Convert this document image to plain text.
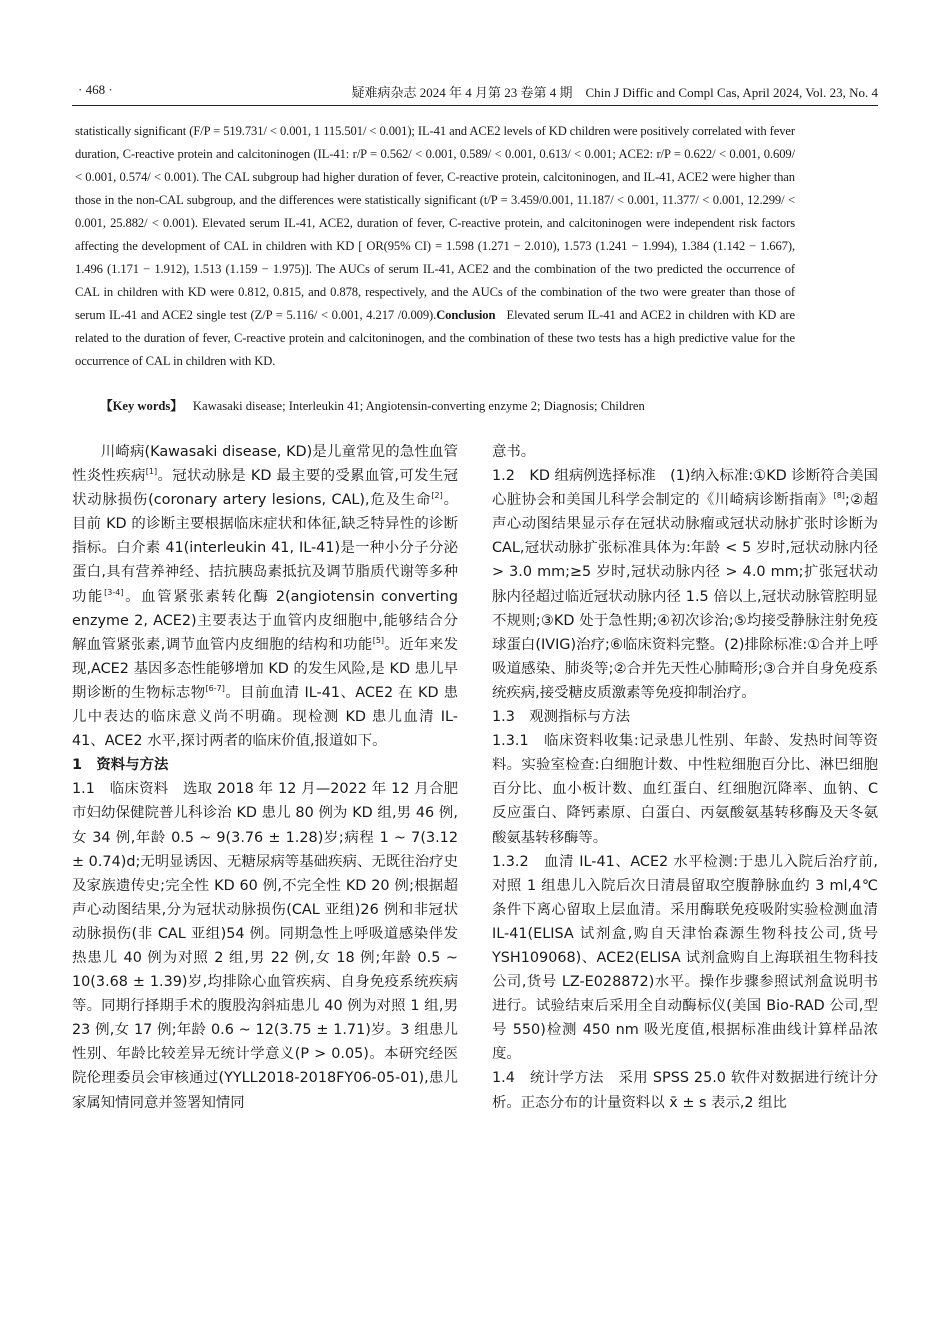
· 468 ·	疑难病杂志 2024 年 4 月第 23 卷第 4 期　Chin J Diffic and Compl Cas, April 2024, Vol. 23, No. 4
statistically significant (F/P = 519.731/ < 0.001, 1 115.501/ < 0.001); IL-41 and ACE2 levels of KD children were positively correlated with fever duration, C-reactive protein and calcitoninogen (IL-41: r/P = 0.562/ < 0.001, 0.589/ < 0.001, 0.613/ < 0.001; ACE2: r/P = 0.622/ < 0.001, 0.609/ < 0.001, 0.574/ < 0.001). The CAL subgroup had higher duration of fever, C-reactive protein, calcitoninogen, and IL-41, ACE2 were higher than those in the non-CAL subgroup, and the differences were statistically significant (t/P = 3.459/0.001, 11.187/ < 0.001, 11.377/ < 0.001, 12.299/ < 0.001, 25.882/ < 0.001). Elevated serum IL-41, ACE2, duration of fever, C-reactive protein, and calcitoninogen were independent risk factors affecting the development of CAL in children with KD [ OR(95% CI) = 1.598 (1.271 − 2.010), 1.573 (1.241 − 1.994), 1.384 (1.142 − 1.667), 1.496 (1.171 − 1.912), 1.513 (1.159 − 1.975)]. The AUCs of serum IL-41, ACE2 and the combination of the two predicted the occurrence of CAL in children with KD were 0.812, 0.815, and 0.878, respectively, and the AUCs of the combination of the two were greater than those of serum IL-41 and ACE2 single test (Z/P = 5.116/ < 0.001, 4.217 /0.009).Conclusion Elevated serum IL-41 and ACE2 in children with KD are related to the duration of fever, C-reactive protein and calcitoninogen, and the combination of these two tests has a high predictive value for the occurrence of CAL in children with KD.
【Key words】 Kawasaki disease; Interleukin 41; Angiotensin-converting enzyme 2; Diagnosis; Children

川崎病(Kawasaki disease, KD)是儿童常见的急性血管性炎性疾病[1]。冠状动脉是 KD 最主要的受累血管,可发生冠状动脉损伤(coronary artery lesions, CAL),危及生命[2]。目前 KD 的诊断主要根据临床症状和体征,缺乏特异性的诊断指标。白介素 41(interleukin 41, IL-41)是一种小分子分泌蛋白,具有营养神经、拮抗胰岛素抵抗及调节脂质代谢等多种功能[3-4]。血管紧张素转化酶 2(angiotensin converting enzyme 2, ACE2)主要表达于血管内皮细胞中,能够结合分解血管紧张素,调节血管内皮细胞的结构和功能[5]。近年来发现,ACE2 基因多态性能够增加 KD 的发生风险,是 KD 患儿早期诊断的生物标志物[6-7]。目前血清 IL-41、ACE2 在 KD 患儿中表达的临床意义尚不明确。现检测 KD 患儿血清 IL-41、ACE2 水平,探讨两者的临床价值,报道如下。

1　资料与方法

1.1　临床资料　选取 2018 年 12 月—2022 年 12 月合肥市妇幼保健院普儿科诊治 KD 患儿 80 例为 KD 组,男 46 例,女 34 例,年龄 0.5 ~ 9(3.76 ± 1.28)岁;病程 1 ~ 7(3.12 ± 0.74)d;无明显诱因、无糖尿病等基础疾病、无既往治疗史及家族遗传史;完全性 KD 60 例,不完全性 KD 20 例;根据超声心动图结果,分为冠状动脉损伤(CAL 亚组)26 例和非冠状动脉损伤(非 CAL 亚组)54 例。同期急性上呼吸道感染伴发热患儿 40 例为对照 2 组,男 22 例,女 18 例;年龄 0.5 ~ 10(3.68 ± 1.39)岁,均排除心血管疾病、自身免疫系统疾病等。同期行择期手术的腹股沟斜疝患儿 40 例为对照 1 组,男 23 例,女 17 例;年龄 0.6 ~ 12(3.75 ± 1.71)岁。3 组患儿性别、年龄比较差异无统计学意义(P > 0.05)。本研究经医院伦理委员会审核通过(YYLL2018-2018FY06-05-01),患儿家属知情同意并签署知情同

意书。

1.2　KD 组病例选择标准　(1)纳入标准:①KD 诊断符合美国心脏协会和美国儿科学会制定的《川崎病诊断指南》[8];②超声心动图结果显示存在冠状动脉瘤或冠状动脉扩张时诊断为 CAL,冠状动脉扩张标准具体为:年龄 < 5 岁时,冠状动脉内径 > 3.0 mm;≥5 岁时,冠状动脉内径 > 4.0 mm;扩张冠状动脉内径超过临近冠状动脉内径 1.5 倍以上,冠状动脉管腔明显不规则;③KD 处于急性期;④初次诊治;⑤均接受静脉注射免疫球蛋白(IVIG)治疗;⑥临床资料完整。(2)排除标准:①合并上呼吸道感染、肺炎等;②合并先天性心肺畸形;③合并自身免疫系统疾病,接受糖皮质激素等免疫抑制治疗。

1.3　观测指标与方法

1.3.1　临床资料收集:记录患儿性别、年龄、发热时间等资料。实验室检查:白细胞计数、中性粒细胞百分比、淋巴细胞百分比、血小板计数、血红蛋白、红细胞沉降率、血钠、C 反应蛋白、降钙素原、白蛋白、丙氨酸氨基转移酶及天冬氨酸氨基转移酶等。

1.3.2　血清 IL-41、ACE2 水平检测:于患儿入院后治疗前,对照 1 组患儿入院后次日清晨留取空腹静脉血约 3 ml,4℃条件下离心留取上层血清。采用酶联免疫吸附实验检测血清 IL-41(ELISA 试剂盒,购自天津怡森源生物科技公司,货号 YSH109068)、ACE2(ELISA 试剂盒购自上海联祖生物科技公司,货号 LZ-E028872)水平。操作步骤参照试剂盒说明书进行。试验结束后采用全自动酶标仪(美国 Bio-RAD 公司,型号 550)检测 450 nm 吸光度值,根据标准曲线计算样品浓度。

1.4　统计学方法　采用 SPSS 25.0 软件对数据进行统计分析。正态分布的计量资料以 x̄ ± s 表示,2 组比
